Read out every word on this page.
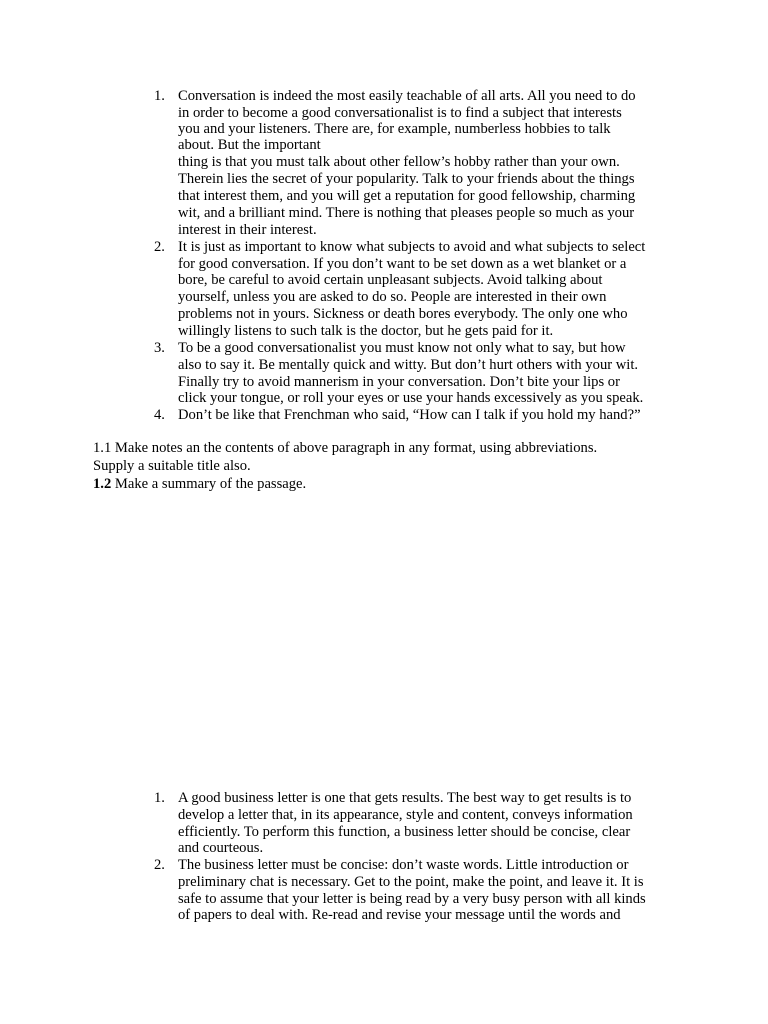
1. Conversation is indeed the most easily teachable of all arts. All you need to do
in order to become a good conversationalist is to find a subject that interests
you and your listeners. There are, for example, numberless hobbies to talk
about. But the important
thing is that you must talk about other fellow’s hobby rather than your own.
Therein lies the secret of your popularity. Talk to your friends about the things
that interest them, and you will get a reputation for good fellowship, charming
wit, and a brilliant mind. There is nothing that pleases people so much as your
interest in their interest.
2. It is just as important to know what subjects to avoid and what subjects to select
for good conversation. If you don’t want to be set down as a wet blanket or a
bore, be careful to avoid certain unpleasant subjects. Avoid talking about
yourself, unless you are asked to do so. People are interested in their own
problems not in yours. Sickness or death bores everybody. The only one who
willingly listens to such talk is the doctor, but he gets paid for it.
3. To be a good conversationalist you must know not only what to say, but how
also to say it. Be mentally quick and witty. But don’t hurt others with your wit.
Finally try to avoid mannerism in your conversation. Don’t bite your lips or
click your tongue, or roll your eyes or use your hands excessively as you speak.
4. Don’t be like that Frenchman who said, “How can I talk if you hold my hand?”
1.1 Make notes an the contents of above paragraph in any format, using abbreviations.
Supply a suitable title also.
1.2 Make a summary of the passage.
1. A good business letter is one that gets results. The best way to get results is to
develop a letter that, in its appearance, style and content, conveys information
efficiently. To perform this function, a business letter should be concise, clear
and courteous.
2. The business letter must be concise: don’t waste words. Little introduction or
preliminary chat is necessary. Get to the point, make the point, and leave it. It is
safe to assume that your letter is being read by a very busy person with all kinds
of papers to deal with. Re-read and revise your message until the words and
